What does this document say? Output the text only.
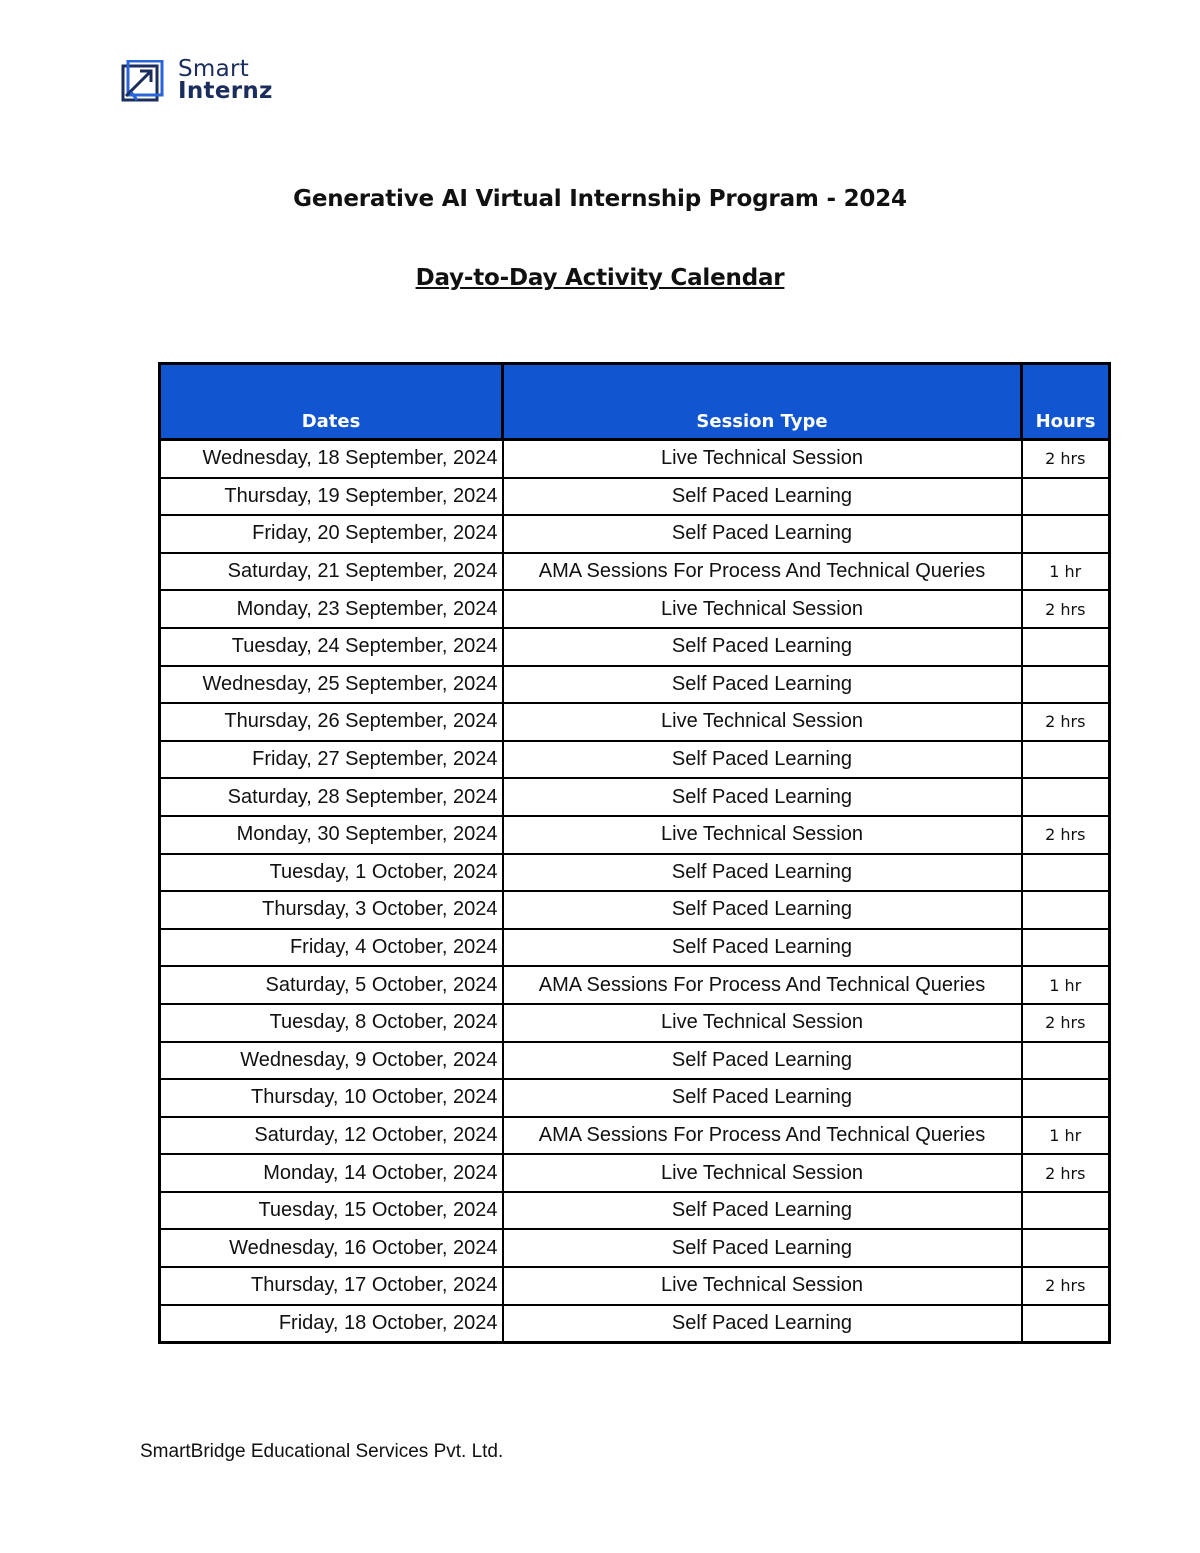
Smart
Internz
Generative AI Virtual Internship Program - 2024
Day-to-Day Activity Calendar
Dates	Session Type	Hours
Wednesday, 18 September, 2024	Live Technical Session	2 hrs
Thursday, 19 September, 2024	Self Paced Learning	
Friday, 20 September, 2024	Self Paced Learning	
Saturday, 21 September, 2024	AMA Sessions For Process And Technical Queries	1 hr
Monday, 23 September, 2024	Live Technical Session	2 hrs
Tuesday, 24 September, 2024	Self Paced Learning	
Wednesday, 25 September, 2024	Self Paced Learning	
Thursday, 26 September, 2024	Live Technical Session	2 hrs
Friday, 27 September, 2024	Self Paced Learning	
Saturday, 28 September, 2024	Self Paced Learning	
Monday, 30 September, 2024	Live Technical Session	2 hrs
Tuesday, 1 October, 2024	Self Paced Learning	
Thursday, 3 October, 2024	Self Paced Learning	
Friday, 4 October, 2024	Self Paced Learning	
Saturday, 5 October, 2024	AMA Sessions For Process And Technical Queries	1 hr
Tuesday, 8 October, 2024	Live Technical Session	2 hrs
Wednesday, 9 October, 2024	Self Paced Learning	
Thursday, 10 October, 2024	Self Paced Learning	
Saturday, 12 October, 2024	AMA Sessions For Process And Technical Queries	1 hr
Monday, 14 October, 2024	Live Technical Session	2 hrs
Tuesday, 15 October, 2024	Self Paced Learning	
Wednesday, 16 October, 2024	Self Paced Learning	
Thursday, 17 October, 2024	Live Technical Session	2 hrs
Friday, 18 October, 2024	Self Paced Learning	
SmartBridge Educational Services Pvt. Ltd.
